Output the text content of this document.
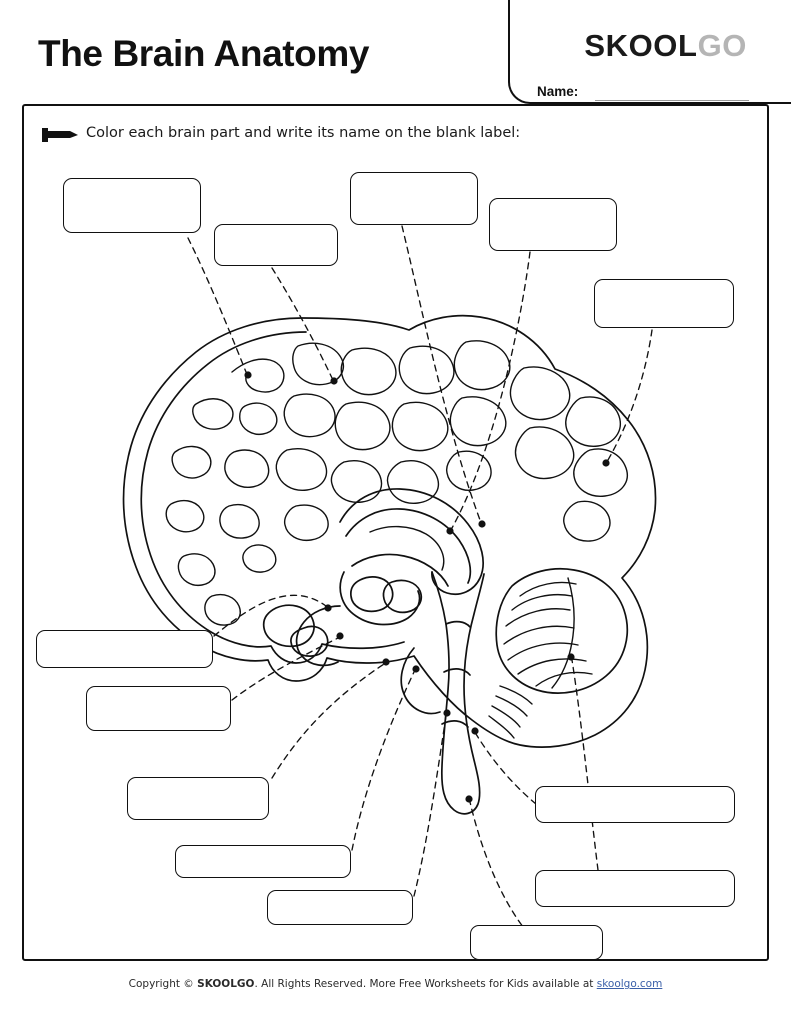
The Brain Anatomy	SKOOLGO
Name:
Color each brain part and write its name on the blank label:
Copyright © SKOOLGO. All Rights Reserved. More Free Worksheets for Kids available at skoolgo.com
